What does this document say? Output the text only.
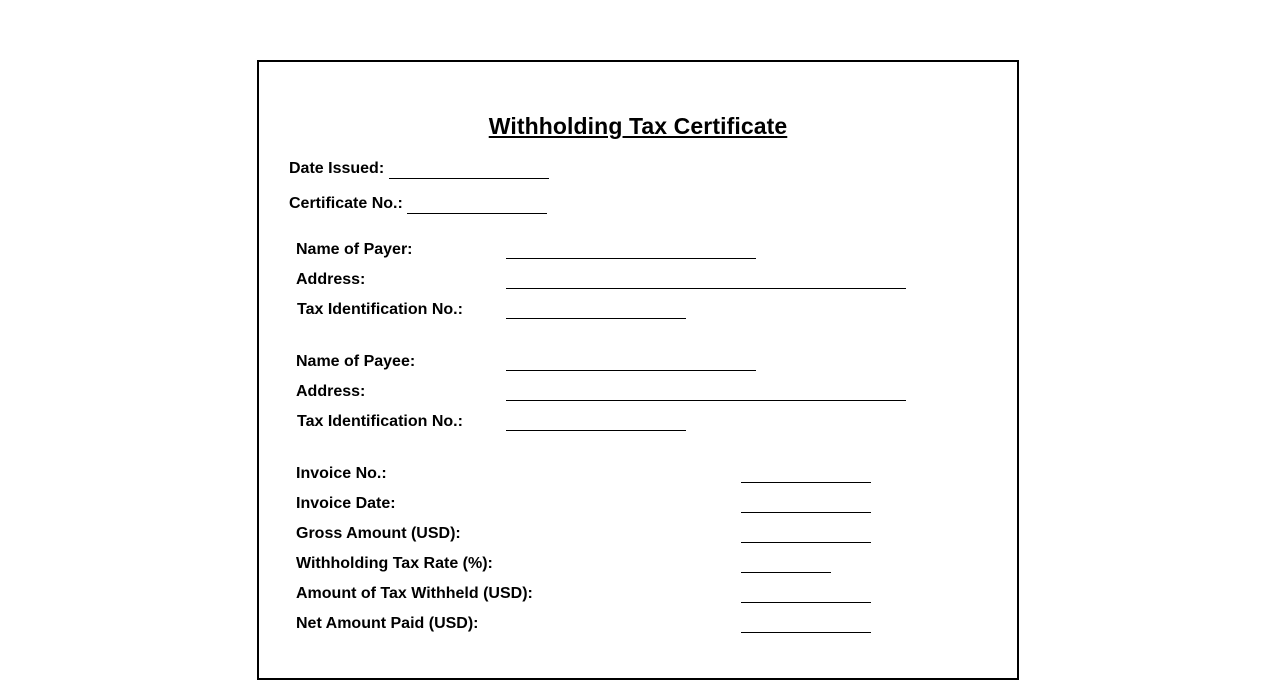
Withholding Tax Certificate
Date Issued:
Certificate No.:
Name of Payer:
Address:
Tax Identification No.:
Name of Payee:
Address:
Tax Identification No.:
Invoice No.:
Invoice Date:
Gross Amount (USD):
Withholding Tax Rate (%):
Amount of Tax Withheld (USD):
Net Amount Paid (USD):
